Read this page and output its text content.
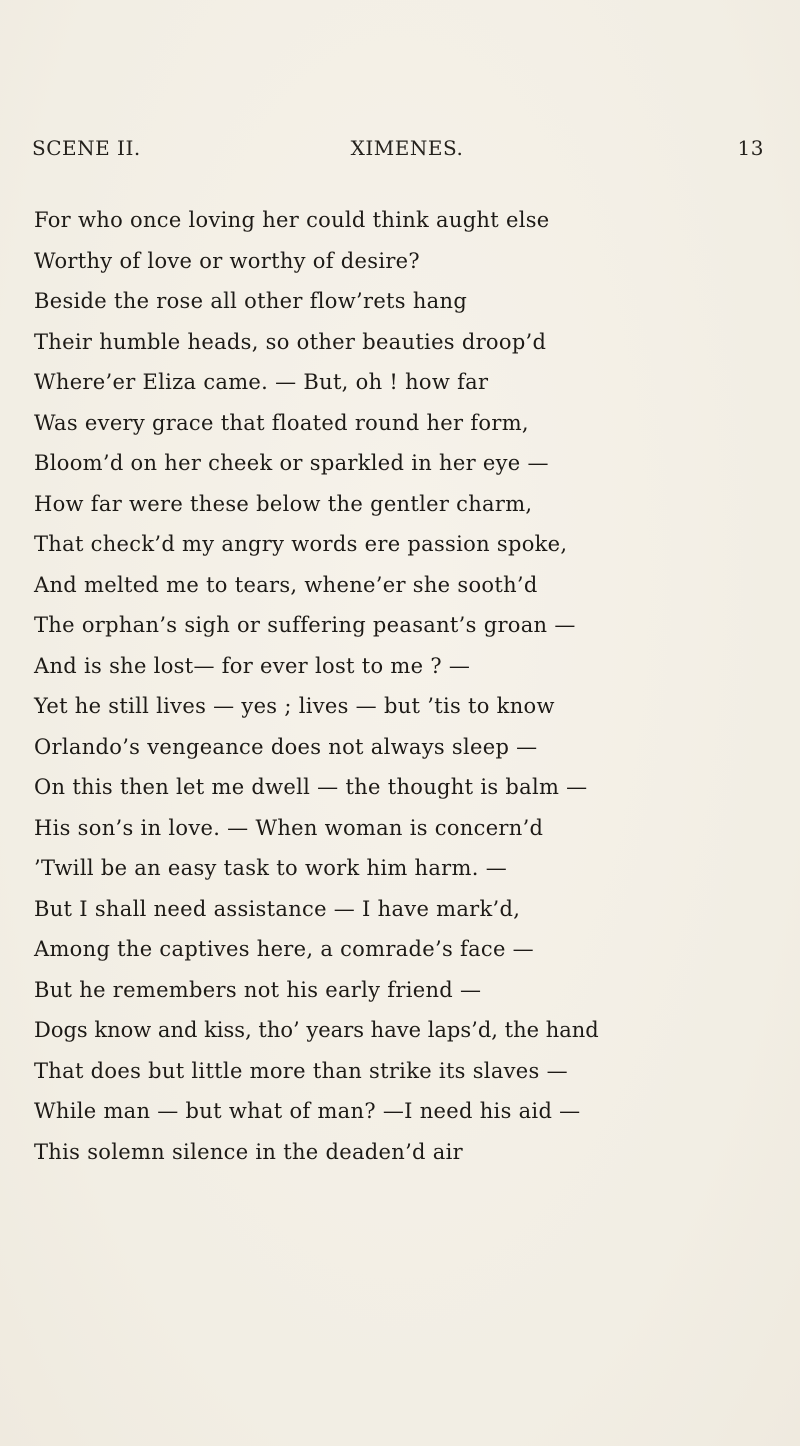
SCENE II.	XIMENES.	13
For who once loving her could think aught else
Worthy of love or worthy of desire?
Beside the rose all other flow’rets hang
Their humble heads, so other beauties droop’d
Where’er Eliza came. — But, oh ! how far
Was every grace that floated round her form,
Bloom’d on her cheek or sparkled in her eye —
How far were these below the gentler charm,
That check’d my angry words ere passion spoke,
And melted me to tears, whene’er she sooth’d
The orphan’s sigh or suffering peasant’s groan —
And is she lost— for ever lost to me ? —
Yet he still lives — yes ; lives — but ’tis to know
Orlando’s vengeance does not always sleep —
On this then let me dwell — the thought is balm —
His son’s in love. — When woman is concern’d
’Twill be an easy task to work him harm. —
But I shall need assistance — I have mark’d,
Among the captives here, a comrade’s face —
But he remembers not his early friend —
Dogs know and kiss, tho’ years have laps’d, the hand
That does but little more than strike its slaves —
While man — but what of man? —I need his aid —
This solemn silence in the deaden’d air
